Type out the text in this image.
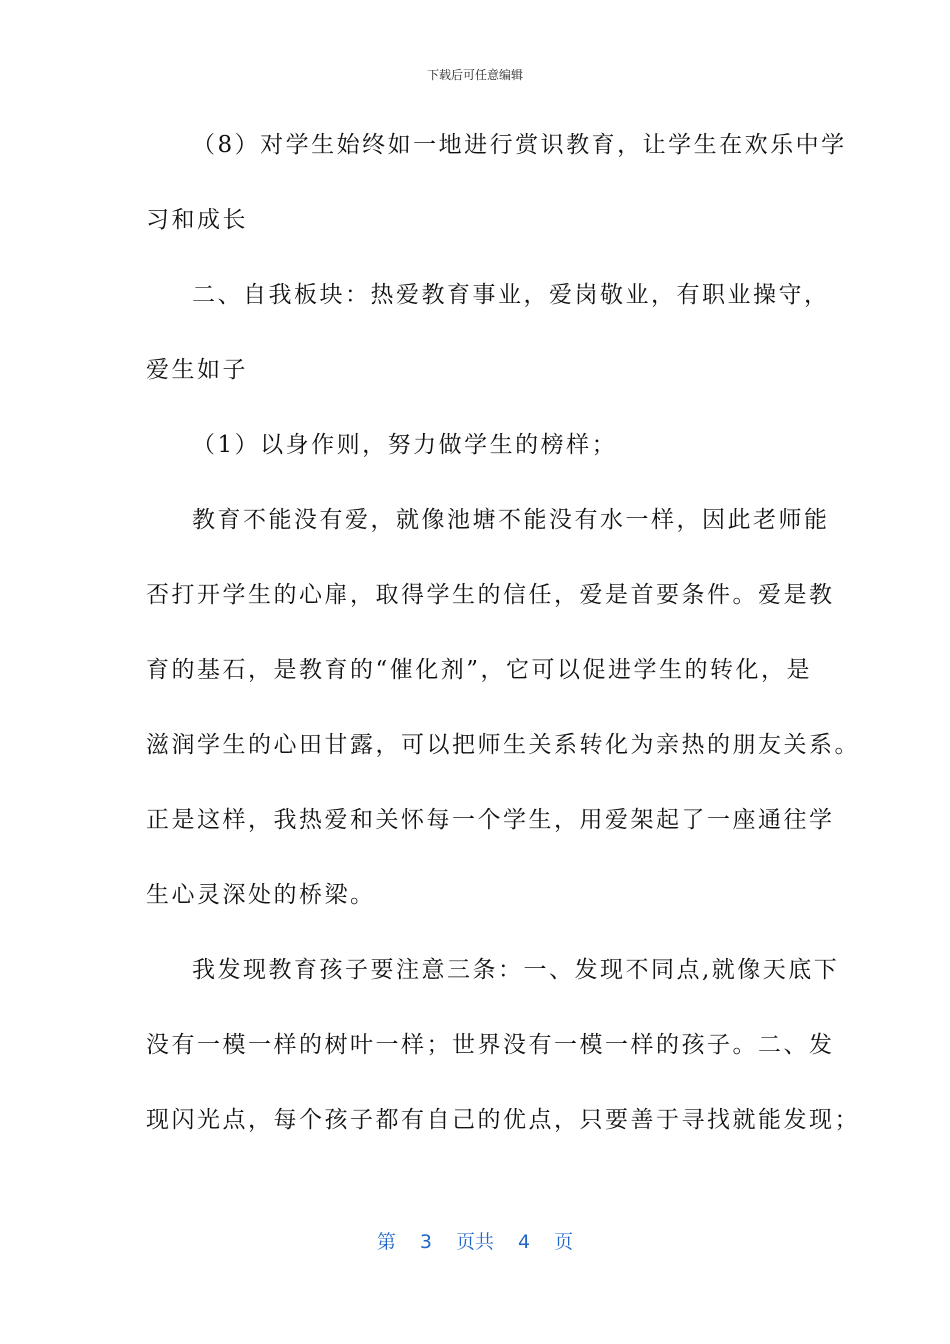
下载后可任意编辑
（8）对学生始终如一地进行赏识教育，让学生在欢乐中学
习和成长
二、自我板块：热爱教育事业，爱岗敬业，有职业操守，
爱生如子
（1）以身作则，努力做学生的榜样；
教育不能没有爱，就像池塘不能没有水一样，因此老师能
否打开学生的心扉，取得学生的信任，爱是首要条件。爱是教
育的基石，是教育的“催化剂”，它可以促进学生的转化，是
滋润学生的心田甘露，可以把师生关系转化为亲热的朋友关系。
正是这样，我热爱和关怀每一个学生，用爱架起了一座通往学
生心灵深处的桥梁。
我发现教育孩子要注意三条：一、发现不同点,就像天底下
没有一模一样的树叶一样；世界没有一模一样的孩子。二、发
现闪光点，每个孩子都有自己的优点，只要善于寻找就能发现；
第 3 页共 4 页
